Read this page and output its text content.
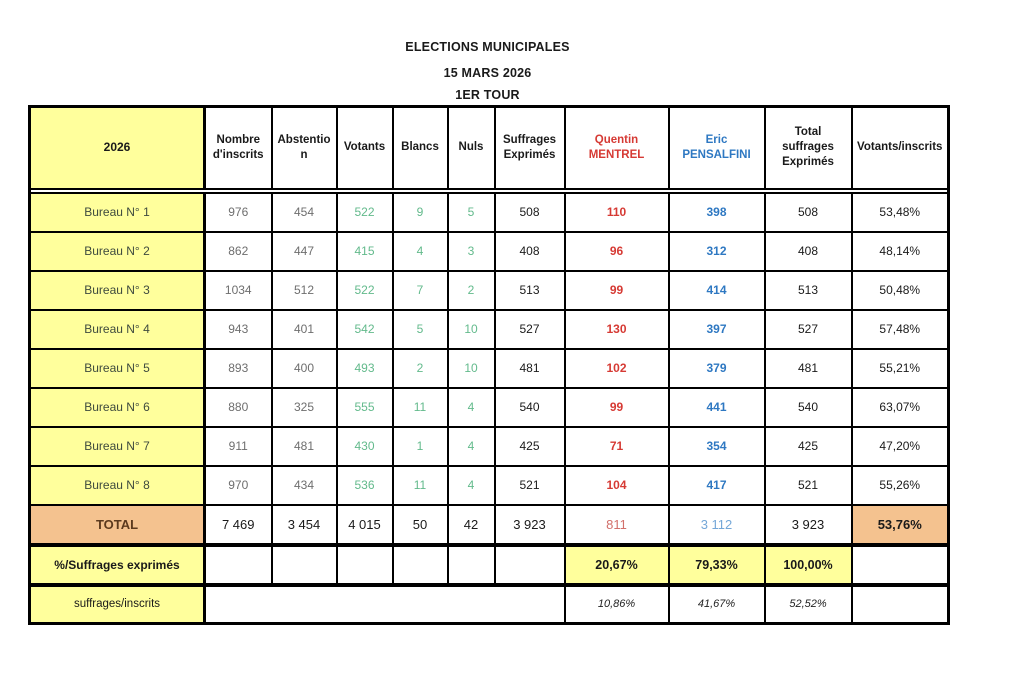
ELECTIONS MUNICIPALES
15 MARS 2026
1ER TOUR
2026	Nombre d'inscrits	Abstention	Votants	Blancs	Nuls	Suffrages Exprimés	Quentin MENTREL	Eric PENSALFINI	Total suffrages Exprimés	Votants/inscrits

Bureau N° 1	976	454	522	9	5	508	110	398	508	53,48%
Bureau N° 2	862	447	415	4	3	408	96	312	408	48,14%
Bureau N° 3	1034	512	522	7	2	513	99	414	513	50,48%
Bureau N° 4	943	401	542	5	10	527	130	397	527	57,48%
Bureau N° 5	893	400	493	2	10	481	102	379	481	55,21%
Bureau N° 6	880	325	555	11	4	540	99	441	540	63,07%
Bureau N° 7	911	481	430	1	4	425	71	354	425	47,20%
Bureau N° 8	970	434	536	11	4	521	104	417	521	55,26%
TOTAL	7 469	3 454	4 015	50	42	3 923	811	3 112	3 923	53,76%

%/Suffrages exprimés							20,67%	79,33%	100,00%	

suffrages/inscrits							10,86%	41,67%	52,52%	
